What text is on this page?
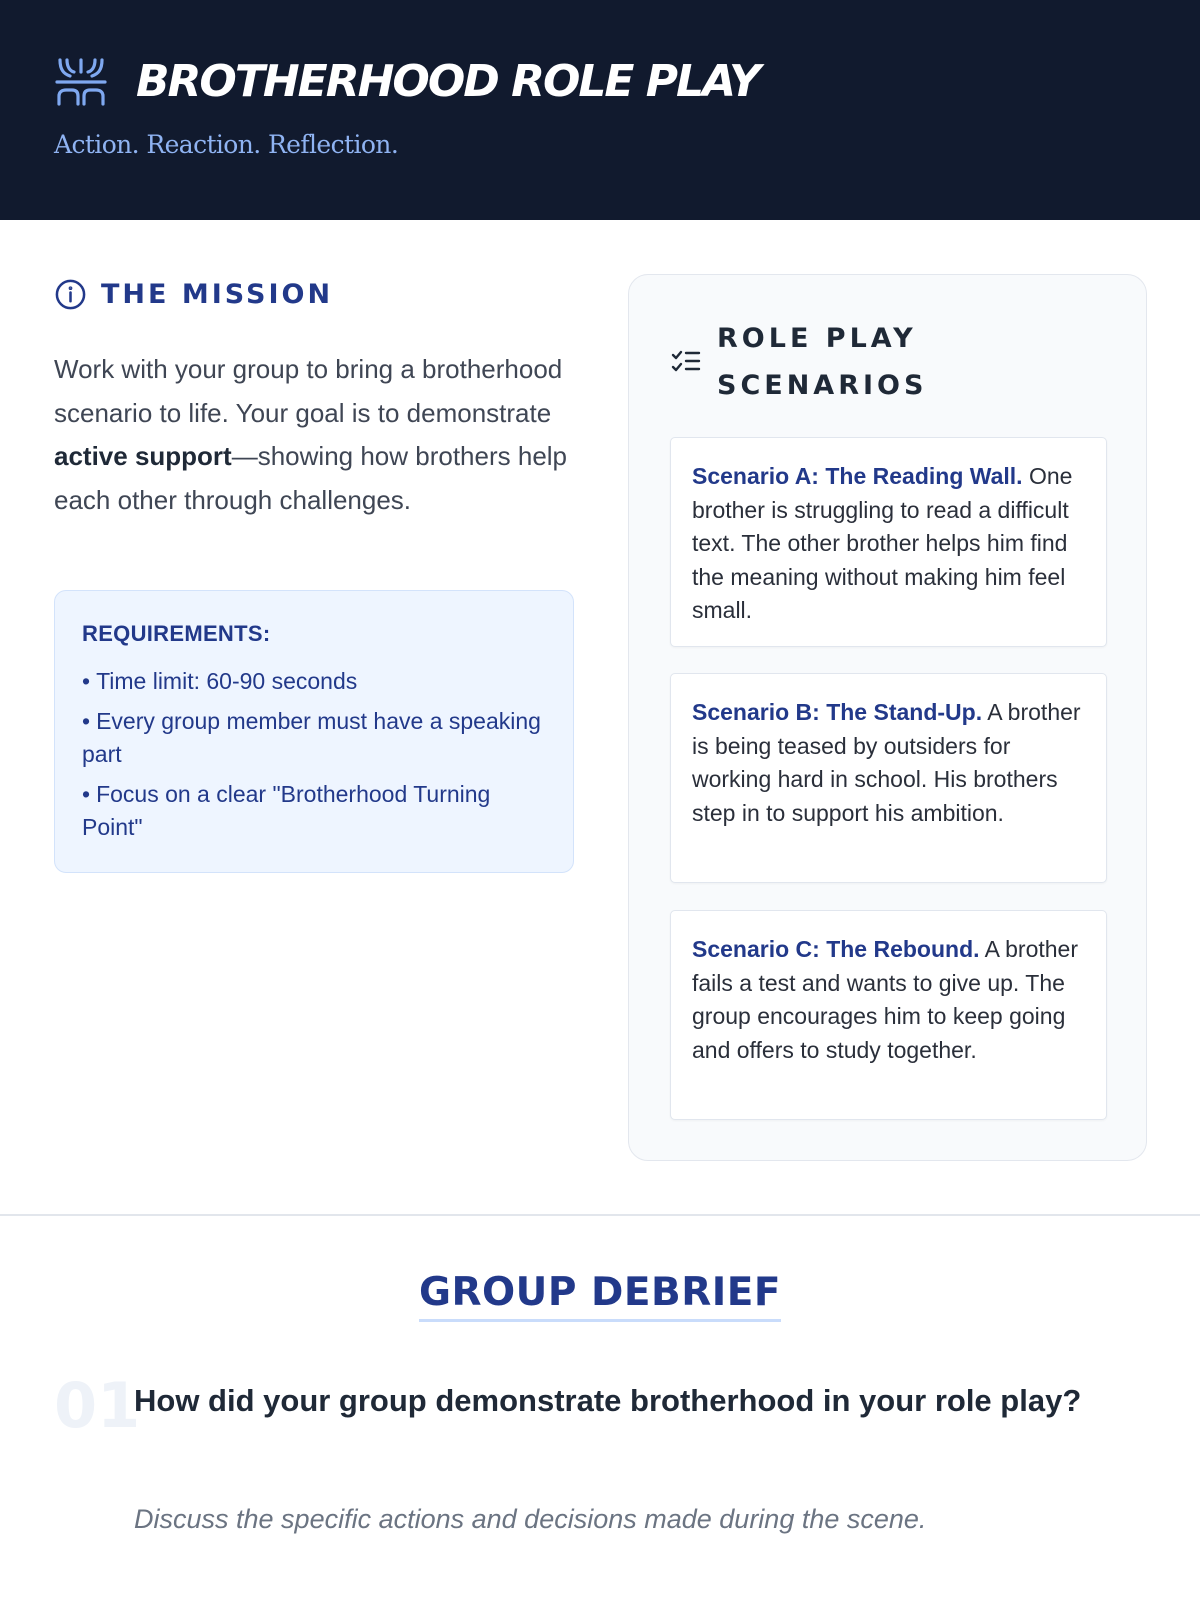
BROTHERHOOD ROLE PLAY
Action. Reaction. Reflection.
THE MISSION

Work with your group to bring a brotherhood scenario to life. Your goal is to demonstrate active support—showing how brothers help each other through challenges.

REQUIREMENTS:
• Time limit: 60-90 seconds
• Every group member must have a speaking part
• Focus on a clear "Brotherhood Turning Point"
ROLE PLAY
SCENARIOS
Scenario A: The Reading Wall. One brother is struggling to read a difficult text. The other brother helps him find the meaning without making him feel small.
Scenario B: The Stand-Up. A brother is being teased by outsiders for working hard in school. His brothers step in to support his ambition.
Scenario C: The Rebound. A brother fails a test and wants to give up. The group encourages him to keep going and offers to study together.
GROUP DEBRIEF
01
How did your group demonstrate brotherhood in your role play?
Discuss the specific actions and decisions made during the scene.
